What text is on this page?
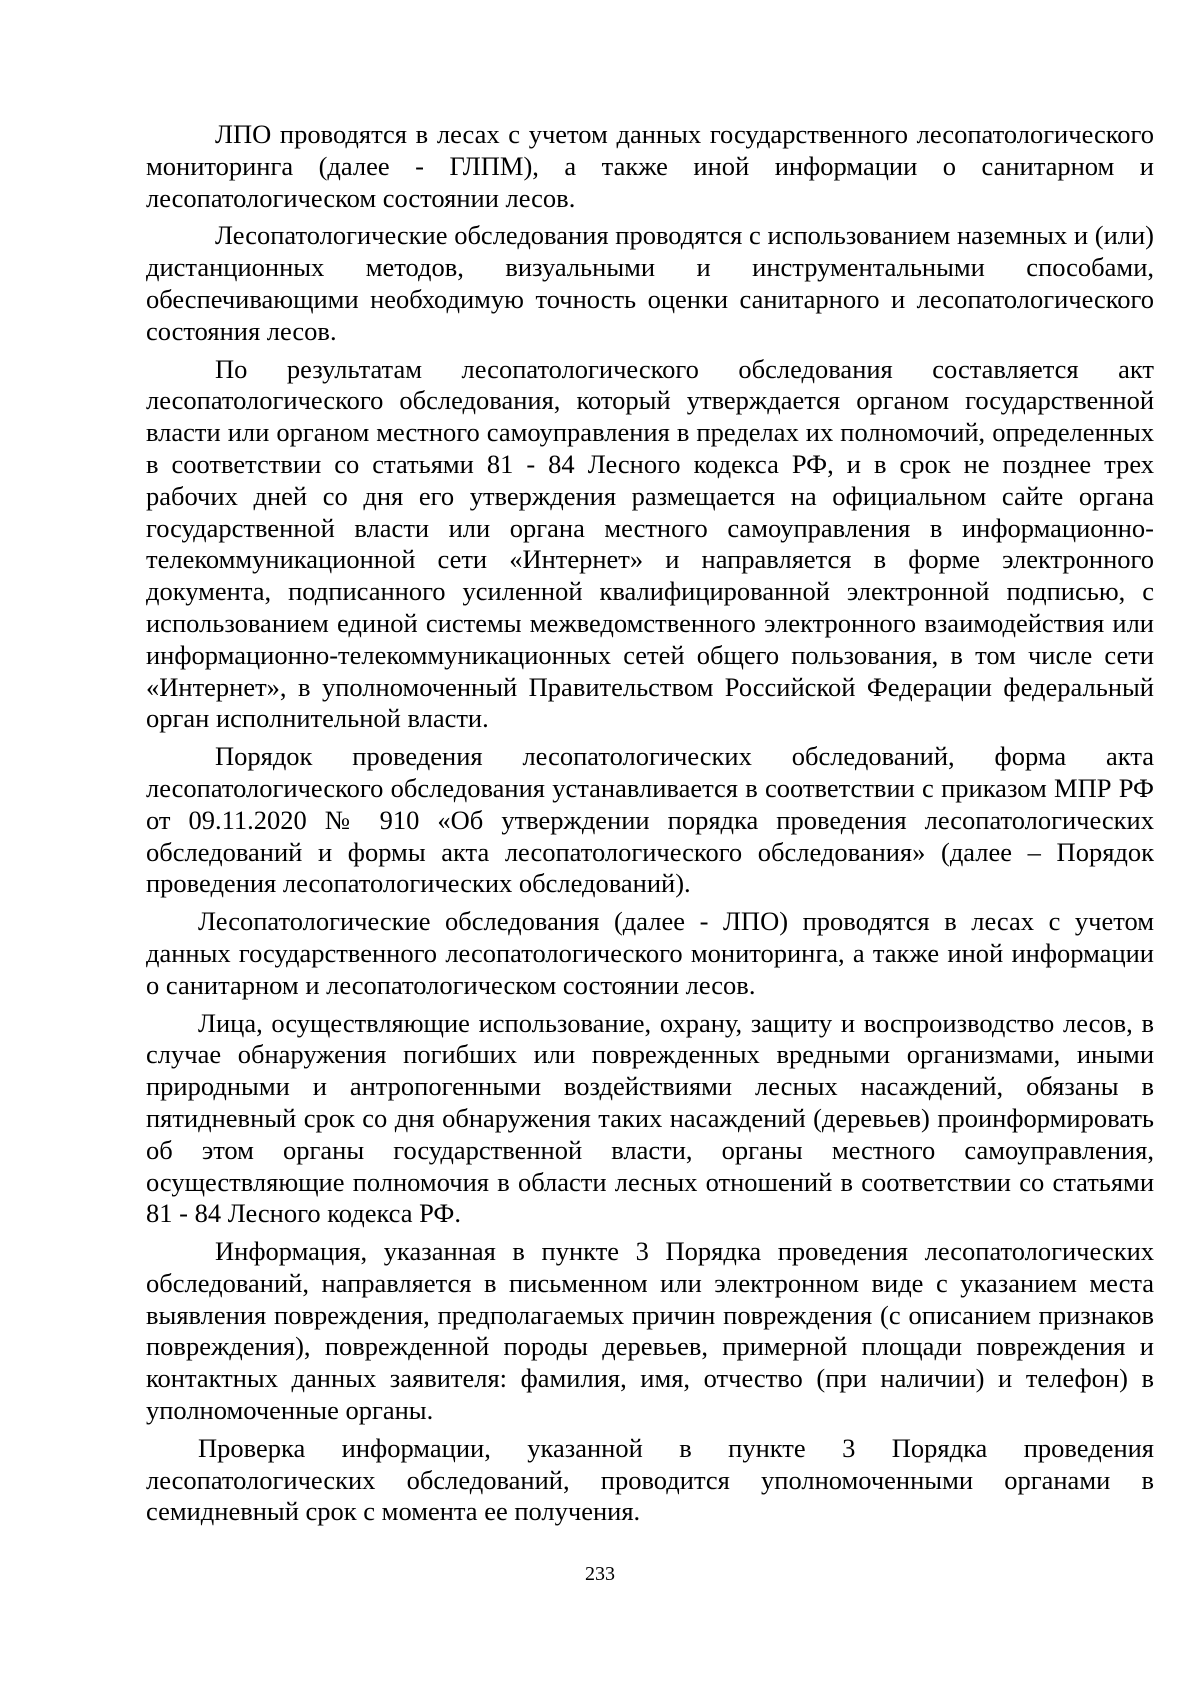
ЛПО проводятся в лесах с учетом данных государственного лесопатологического мониторинга (далее - ГЛПМ), а также иной информации о санитарном и лесопатологическом состоянии лесов.

Лесопатологические обследования проводятся с использованием наземных и (или) дистанционных методов, визуальными и инструментальными способами, обеспечивающими необходимую точность оценки санитарного и лесопатологического состояния лесов.

По результатам лесопатологического обследования составляется акт лесопатологического обследования, который утверждается органом государственной власти или органом местного самоуправления в пределах их полномочий, определенных в соответствии со статьями 81 - 84 Лесного кодекса РФ, и в срок не позднее трех рабочих дней со дня его утверждения размещается на официальном сайте органа государственной власти или органа местного самоуправления в информационно-телекоммуникационной сети «Интернет» и направляется в форме электронного документа, подписанного усиленной квалифицированной электронной подписью, с использованием единой системы межведомственного электронного взаимодействия или информационно-телекоммуникационных сетей общего пользования, в том числе сети «Интернет», в уполномоченный Правительством Российской Федерации федеральный орган исполнительной власти.

Порядок проведения лесопатологических обследований, форма акта лесопатологического обследования устанавливается в соответствии с приказом МПР РФ от 09.11.2020 № 910 «Об утверждении порядка проведения лесопатологических обследований и формы акта лесопатологического обследования» (далее – Порядок проведения лесопатологических обследований).

Лесопатологические обследования (далее - ЛПО) проводятся в лесах с учетом данных государственного лесопатологического мониторинга, а также иной информации о санитарном и лесопатологическом состоянии лесов.

Лица, осуществляющие использование, охрану, защиту и воспроизводство лесов, в случае обнаружения погибших или поврежденных вредными организмами, иными природными и антропогенными воздействиями лесных насаждений, обязаны в пятидневный срок со дня обнаружения таких насаждений (деревьев) проинформировать об этом органы государственной власти, органы местного самоуправления, осуществляющие полномочия в области лесных отношений в соответствии со статьями 81 - 84 Лесного кодекса РФ.

Информация, указанная в пункте 3 Порядка проведения лесопатологических обследований, направляется в письменном или электронном виде с указанием места выявления повреждения, предполагаемых причин повреждения (с описанием признаков повреждения), поврежденной породы деревьев, примерной площади повреждения и контактных данных заявителя: фамилия, имя, отчество (при наличии) и телефон) в уполномоченные органы.

Проверка информации, указанной в пункте 3 Порядка проведения лесопатологических обследований, проводится уполномоченными органами в семидневный срок с момента ее получения.

233
